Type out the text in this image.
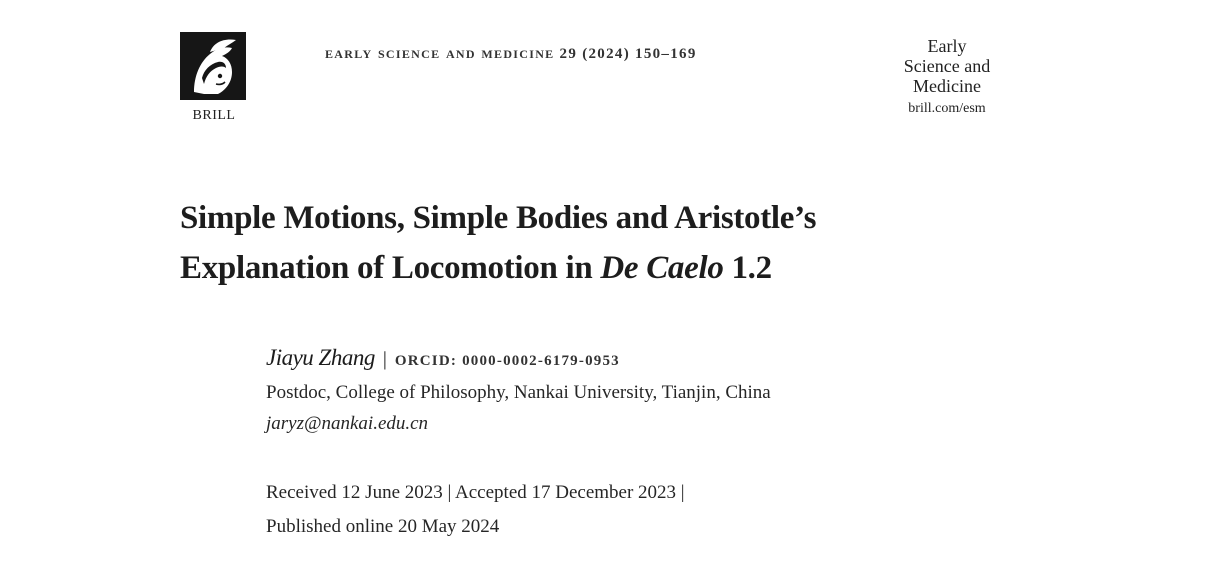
BRILL
early science and medicine 29 (2024) 150–169	Early
Science and
Medicine
brill.com/esm
Simple Motions, Simple Bodies and Aristotle’s
Explanation of Locomotion in De Caelo 1.2
Jiayu Zhang | ORCID: 0000-0002-6179-0953
Postdoc, College of Philosophy, Nankai University, Tianjin, China
jaryz@nankai.edu.cn
Received 12 June 2023 | Accepted 17 December 2023 |
Published online 20 May 2024
